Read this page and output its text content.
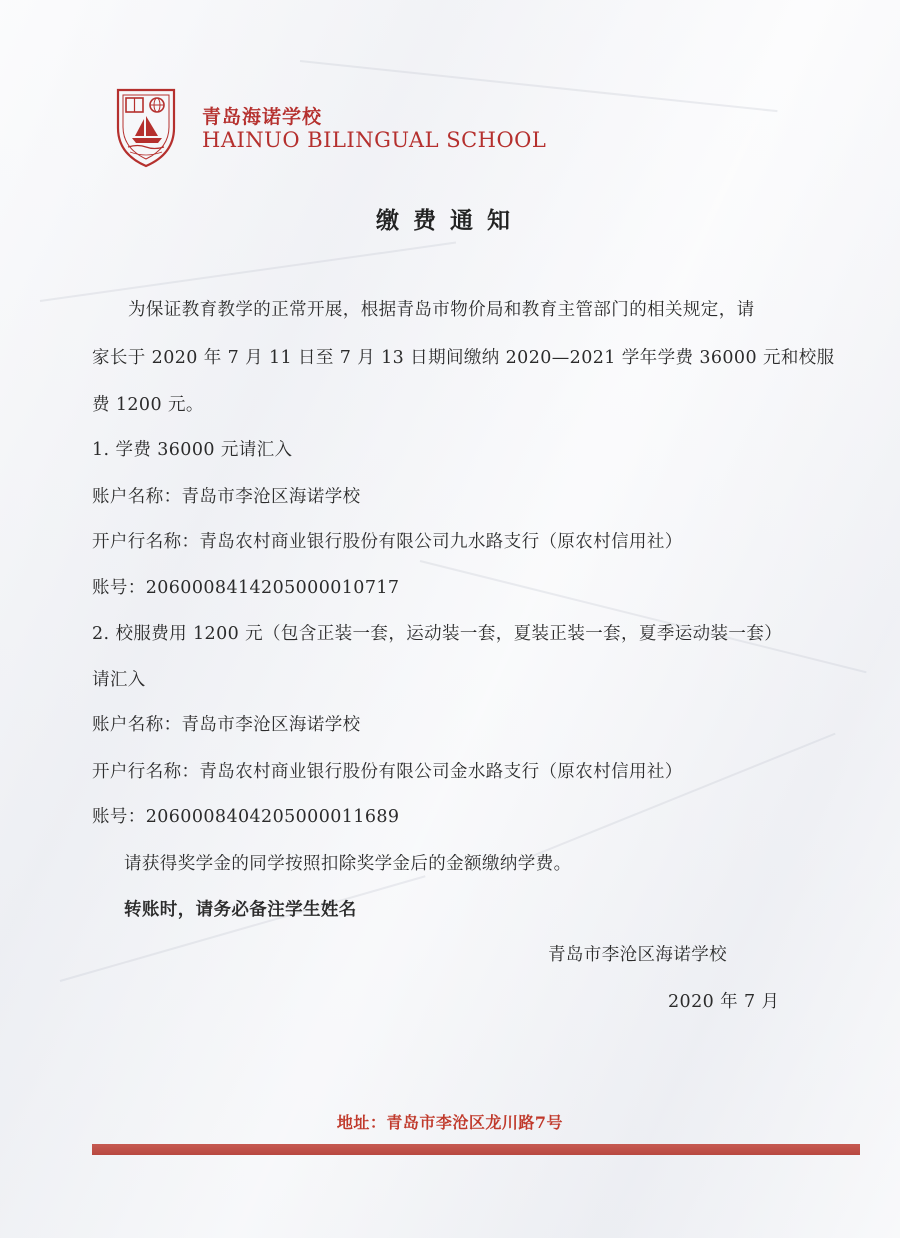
青岛海诺学校
HAINUO BILINGUAL SCHOOL
缴费通知
为保证教育教学的正常开展，根据青岛市物价局和教育主管部门的相关规定，请
家长于 2020 年 7 月 11 日至 7 月 13 日期间缴纳 2020—2021 学年学费 36000 元和校服
费 1200 元。
1. 学费 36000 元请汇入
账户名称：青岛市李沧区海诺学校
开户行名称：青岛农村商业银行股份有限公司九水路支行（原农村信用社）
账号：2060008414205000010717
2. 校服费用 1200 元（包含正装一套，运动装一套，夏装正装一套，夏季运动装一套）
请汇入
账户名称：青岛市李沧区海诺学校
开户行名称：青岛农村商业银行股份有限公司金水路支行（原农村信用社）
账号：2060008404205000011689
请获得奖学金的同学按照扣除奖学金后的金额缴纳学费。
转账时，请务必备注学生姓名
青岛市李沧区海诺学校
2020 年 7 月
地址：青岛市李沧区龙川路7号
